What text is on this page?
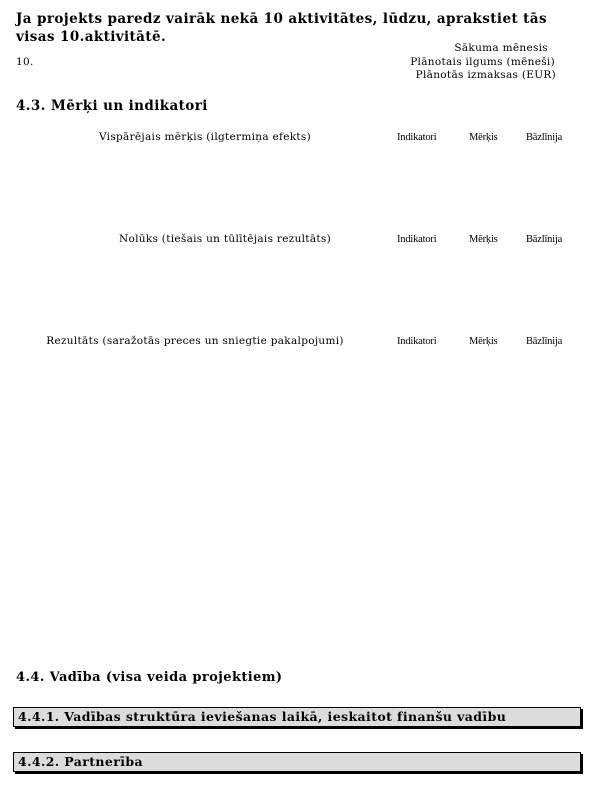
Ja projekts paredz vairāk nekā 10 aktivitātes, lūdzu, aprakstiet tās visas 10.aktivitātē.
10.
Sākuma mēnesis
Plānotais ilgums (mēneši)
Plānotās izmaksas (EUR)
4.3. Mērķi un indikatori
Vispārējais mērķis (ilgtermiņa efekts)	Indikatori	Mērķis	Bāzlīnija
Nolūks (tiešais un tūlītējais rezultāts)	Indikatori	Mērķis	Bāzlīnija
Rezultāts (saražotās preces un sniegtie pakalpojumi)	Indikatori	Mērķis	Bāzlīnija
4.4. Vadība (visa veida projektiem)
4.4.1. Vadības struktūra ieviešanas laikā, ieskaitot finanšu vadību
4.4.2. Partnerība
